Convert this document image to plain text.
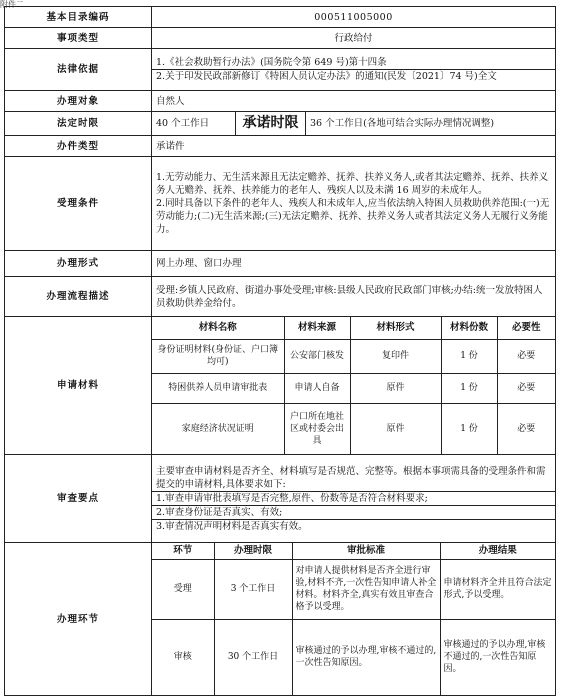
附件二
基本目录编码	000511005000
事项类型	行政给付
法律依据	
1.《社会救助暂行办法》(国务院令第 649 号)第十四条
2.关于印发民政部新修订《特困人员认定办法》的通知(民发〔2021〕74 号)全文

办理对象	自然人
法定时限	40 个工作日	承诺时限	36 个工作日(各地可结合实际办理情况调整)
办件类型	承诺件
受理条件	
1.无劳动能力、无生活来源且无法定赡养、抚养、扶养义务人,或者其法定赡养、抚养、扶养义务人无赡养、抚养、扶养能力的老年人、残疾人以及未满 16 周岁的未成年人。
2.同时具备以下条件的老年人、残疾人和未成年人,应当依法纳入特困人员救助供养范围:(一)无劳动能力;(二)无生活来源;(三)无法定赡养、抚养、扶养义务人或者其法定义务人无履行义务能力。

办理形式	网上办理、窗口办理
办理流程描述	受理:乡镇人民政府、街道办事处受理;审核:县级人民政府民政部门审核;办结:统一发放特困人员救助供养金给付。
申请材料	
材料名称	材料来源	材料形式	材料份数	必要性
身份证明材料(身份证、户口簿均可)	公安部门核发	复印件	1 份	必要
特困供养人员申请审批表	申请人自备	原件	1 份	必要
家庭经济状况证明	户口所在地社区或村委会出具	原件	1 份	必要

审查要点	
主要审查申请材料是否齐全、材料填写是否规范、完整等。根据本事项需具备的受理条件和需提交的申请材料,具体要求如下:
1.审查申请审批表填写是否完整,原件、份数等是否符合材料要求;
2.审查身份证是否真实、有效;
3.审查情况声明材料是否真实有效。

办理环节	
环节	办理时限	审批标准	办理结果
受理	3 个工作日	对申请人提供材料是否齐全进行审验,材料不齐,一次性告知申请人补全材料。材料齐全,真实有效且审查合格予以受理。	申请材料齐全并且符合法定形式,予以受理。
审核	30 个工作日	审核通过的予以办理,审核不通过的,一次性告知原因。	审核通过的予以办理,审核不通过的,一次性告知原因。
